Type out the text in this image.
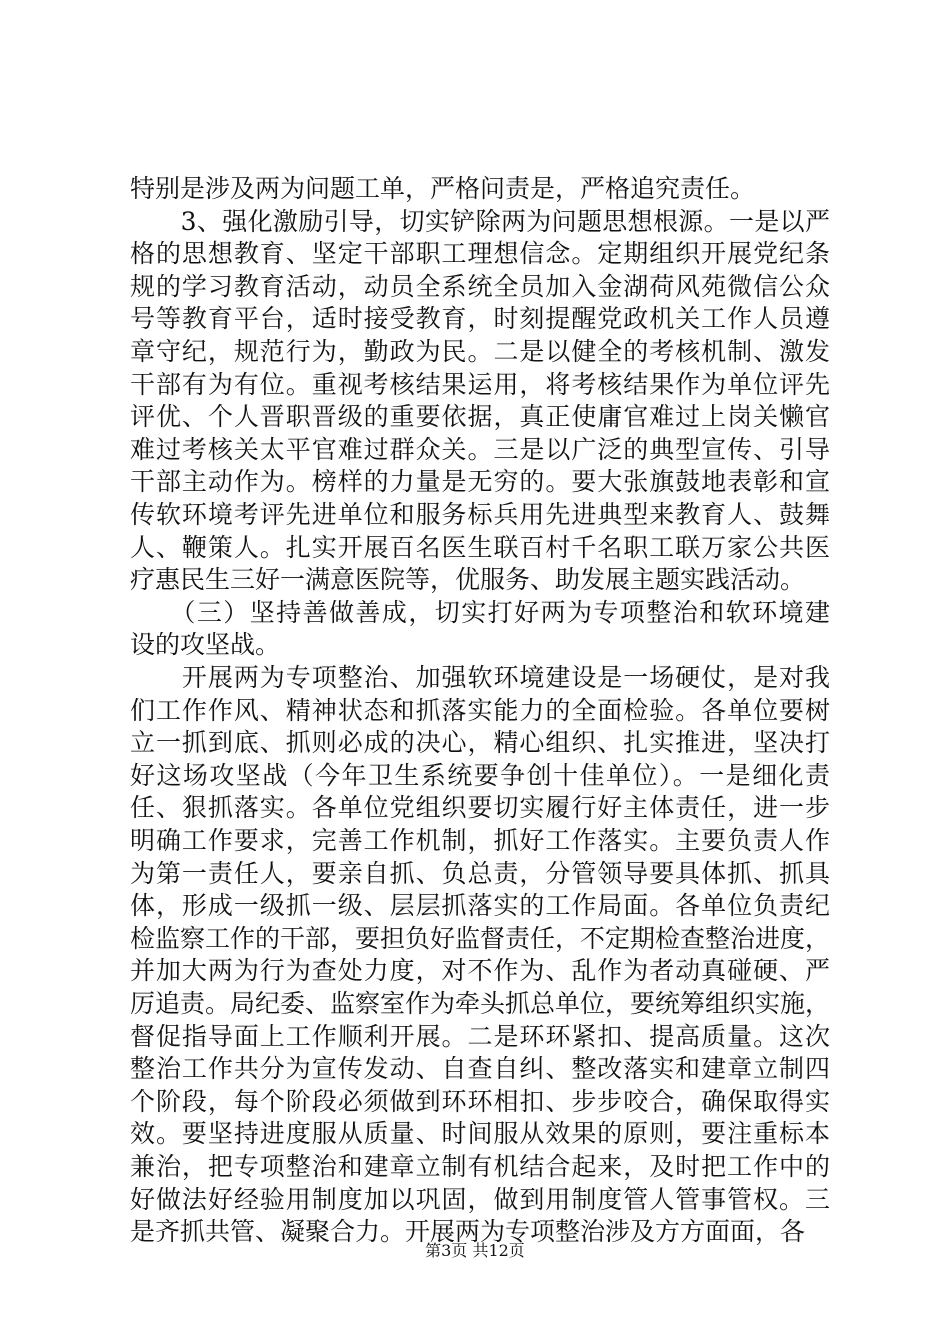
特别是涉及两为问题工单，严格问责是，严格追究责任。
　　3、强化激励引导，切实铲除两为问题思想根源。一是以严
格的思想教育、坚定干部职工理想信念。定期组织开展党纪条
规的学习教育活动，动员全系统全员加入金湖荷风苑微信公众
号等教育平台，适时接受教育，时刻提醒党政机关工作人员遵
章守纪，规范行为，勤政为民。二是以健全的考核机制、激发
干部有为有位。重视考核结果运用，将考核结果作为单位评先
评优、个人晋职晋级的重要依据，真正使庸官难过上岗关懒官
难过考核关太平官难过群众关。三是以广泛的典型宣传、引导
干部主动作为。榜样的力量是无穷的。要大张旗鼓地表彰和宣
传软环境考评先进单位和服务标兵用先进典型来教育人、鼓舞
人、鞭策人。扎实开展百名医生联百村千名职工联万家公共医
疗惠民生三好一满意医院等，优服务、助发展主题实践活动。
　　（三）坚持善做善成，切实打好两为专项整治和软环境建
设的攻坚战。
　　开展两为专项整治、加强软环境建设是一场硬仗，是对我
们工作作风、精神状态和抓落实能力的全面检验。各单位要树
立一抓到底、抓则必成的决心，精心组织、扎实推进，坚决打
好这场攻坚战（今年卫生系统要争创十佳单位）。一是细化责
任、狠抓落实。各单位党组织要切实履行好主体责任，进一步
明确工作要求，完善工作机制，抓好工作落实。主要负责人作
为第一责任人，要亲自抓、负总责，分管领导要具体抓、抓具
体，形成一级抓一级、层层抓落实的工作局面。各单位负责纪
检监察工作的干部，要担负好监督责任，不定期检查整治进度，
并加大两为行为查处力度，对不作为、乱作为者动真碰硬、严
厉追责。局纪委、监察室作为牵头抓总单位，要统筹组织实施，
督促指导面上工作顺利开展。二是环环紧扣、提高质量。这次
整治工作共分为宣传发动、自查自纠、整改落实和建章立制四
个阶段，每个阶段必须做到环环相扣、步步咬合，确保取得实
效。要坚持进度服从质量、时间服从效果的原则，要注重标本
兼治，把专项整治和建章立制有机结合起来，及时把工作中的
好做法好经验用制度加以巩固，做到用制度管人管事管权。三
是齐抓共管、凝聚合力。开展两为专项整治涉及方方面面，各
第3页 共12页
